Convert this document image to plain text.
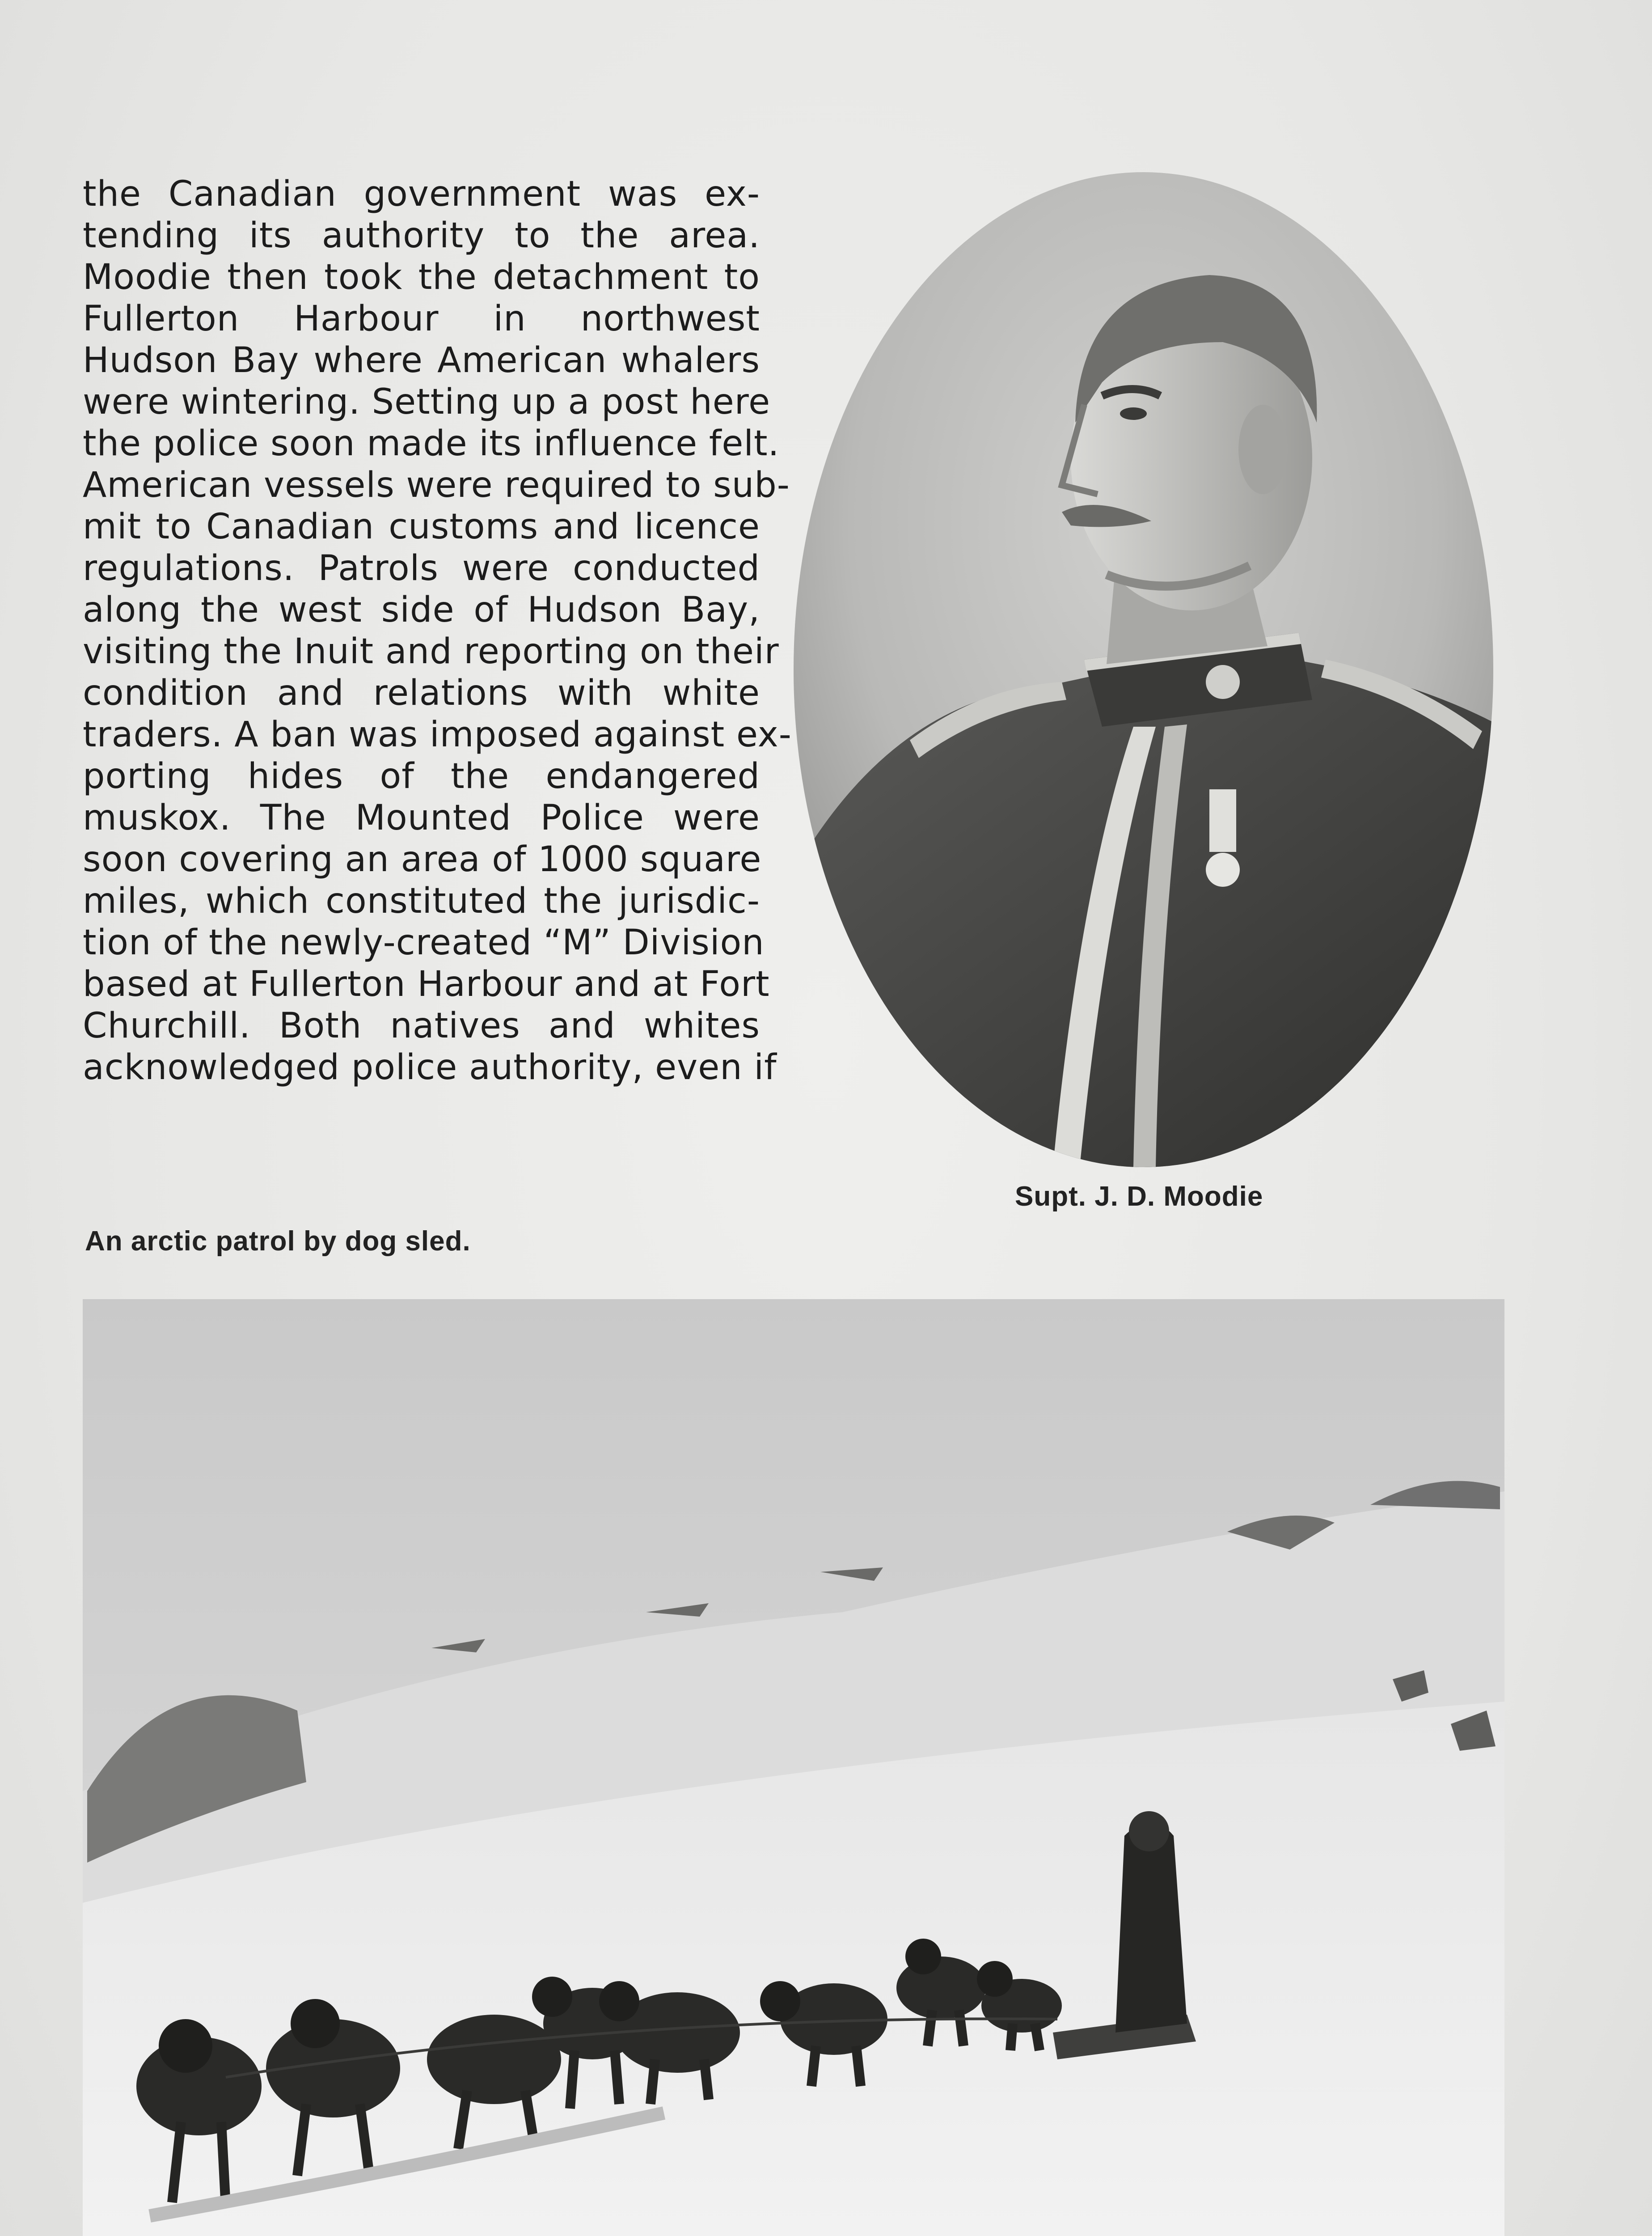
the Canadian government was ex-
tending its authority to the area.
Moodie then took the detachment to
Fullerton Harbour in northwest
Hudson Bay where American whalers
were wintering. Setting up a post here
the police soon made its influence felt.
American vessels were required to sub-
mit to Canadian customs and licence
regulations. Patrols were conducted
along the west side of Hudson Bay,
visiting the Inuit and reporting on their
condition and relations with white
traders. A ban was imposed against ex-
porting hides of the endangered
muskox. The Mounted Police were
soon covering an area of 1000 square
miles, which constituted the jurisdic-
tion of the newly-created “M” Division
based at Fullerton Harbour and at Fort
Churchill. Both natives and whites
acknowledged police authority, even if
Supt. J. D. Moodie
An arctic patrol by dog sled.
